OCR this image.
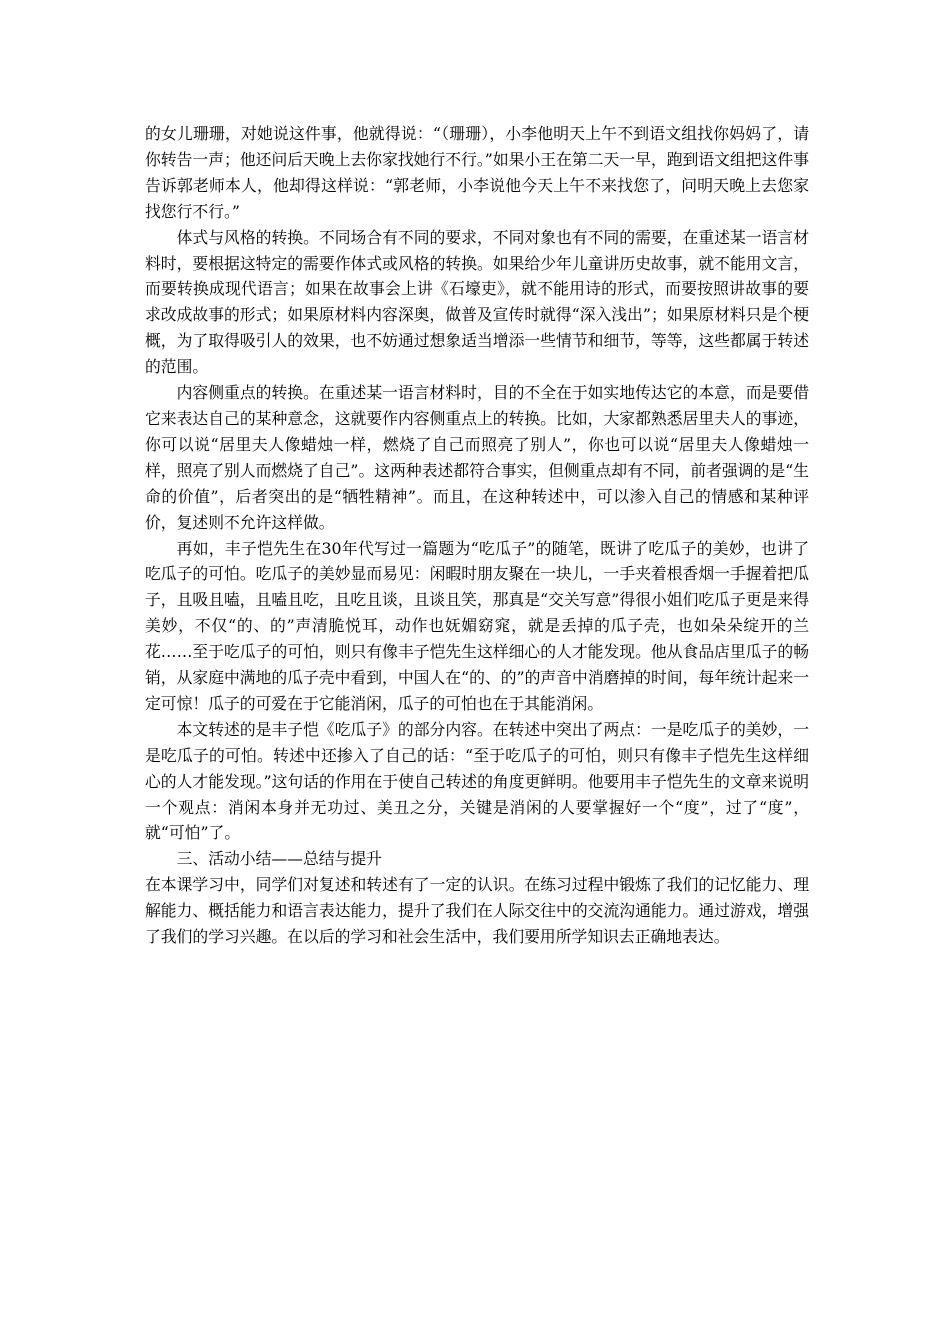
的女儿珊珊，对她说这件事，他就得说：“（珊珊），小李他明天上午不到语文组找你妈妈了，请你转告一声；他还问后天晚上去你家找她行不行。”如果小王在第二天一早，跑到语文组把这件事告诉郭老师本人，他却得这样说：“郭老师，小李说他今天上午不来找您了，问明天晚上去您家找您行不行。”

体式与风格的转换。不同场合有不同的要求，不同对象也有不同的需要，在重述某一语言材料时，要根据这特定的需要作体式或风格的转换。如果给少年儿童讲历史故事，就不能用文言，而要转换成现代语言；如果在故事会上讲《石壕吏》，就不能用诗的形式，而要按照讲故事的要求改成故事的形式；如果原材料内容深奥，做普及宣传时就得“深入浅出”；如果原材料只是个梗概，为了取得吸引人的效果，也不妨通过想象适当增添一些情节和细节，等等，这些都属于转述的范围。

内容侧重点的转换。在重述某一语言材料时，目的不全在于如实地传达它的本意，而是要借它来表达自己的某种意念，这就要作内容侧重点上的转换。比如，大家都熟悉居里夫人的事迹，你可以说“居里夫人像蜡烛一样，燃烧了自己而照亮了别人”，你也可以说“居里夫人像蜡烛一样，照亮了别人而燃烧了自己”。这两种表述都符合事实，但侧重点却有不同，前者强调的是“生命的价值”，后者突出的是“牺牲精神”。而且，在这种转述中，可以渗入自己的情感和某种评价，复述则不允许这样做。

再如，丰子恺先生在30年代写过一篇题为“吃瓜子”的随笔，既讲了吃瓜子的美妙，也讲了吃瓜子的可怕。吃瓜子的美妙显而易见：闲暇时朋友聚在一块儿，一手夹着根香烟一手握着把瓜子，且吸且嗑，且嗑且吃，且吃且谈，且谈且笑，那真是“交关写意”得很小姐们吃瓜子更是来得美妙，不仅“的、的”声清脆悦耳，动作也妩媚窈窕，就是丢掉的瓜子壳，也如朵朵绽开的兰花……至于吃瓜子的可怕，则只有像丰子恺先生这样细心的人才能发现。他从食品店里瓜子的畅销，从家庭中满地的瓜子壳中看到，中国人在“的、的”的声音中消磨掉的时间，每年统计起来一定可惊！瓜子的可爱在于它能消闲，瓜子的可怕也在于其能消闲。

本文转述的是丰子恺《吃瓜子》的部分内容。在转述中突出了两点：一是吃瓜子的美妙，一是吃瓜子的可怕。转述中还掺入了自己的话：“至于吃瓜子的可怕，则只有像丰子恺先生这样细心的人才能发现。”这句话的作用在于使自己转述的角度更鲜明。他要用丰子恺先生的文章来说明一个观点：消闲本身并无功过、美丑之分，关键是消闲的人要掌握好一个“度”，过了“度”，就“可怕”了。

三、活动小结——总结与提升

在本课学习中，同学们对复述和转述有了一定的认识。在练习过程中锻炼了我们的记忆能力、理解能力、概括能力和语言表达能力，提升了我们在人际交往中的交流沟通能力。通过游戏，增强了我们的学习兴趣。在以后的学习和社会生活中，我们要用所学知识去正确地表达。
